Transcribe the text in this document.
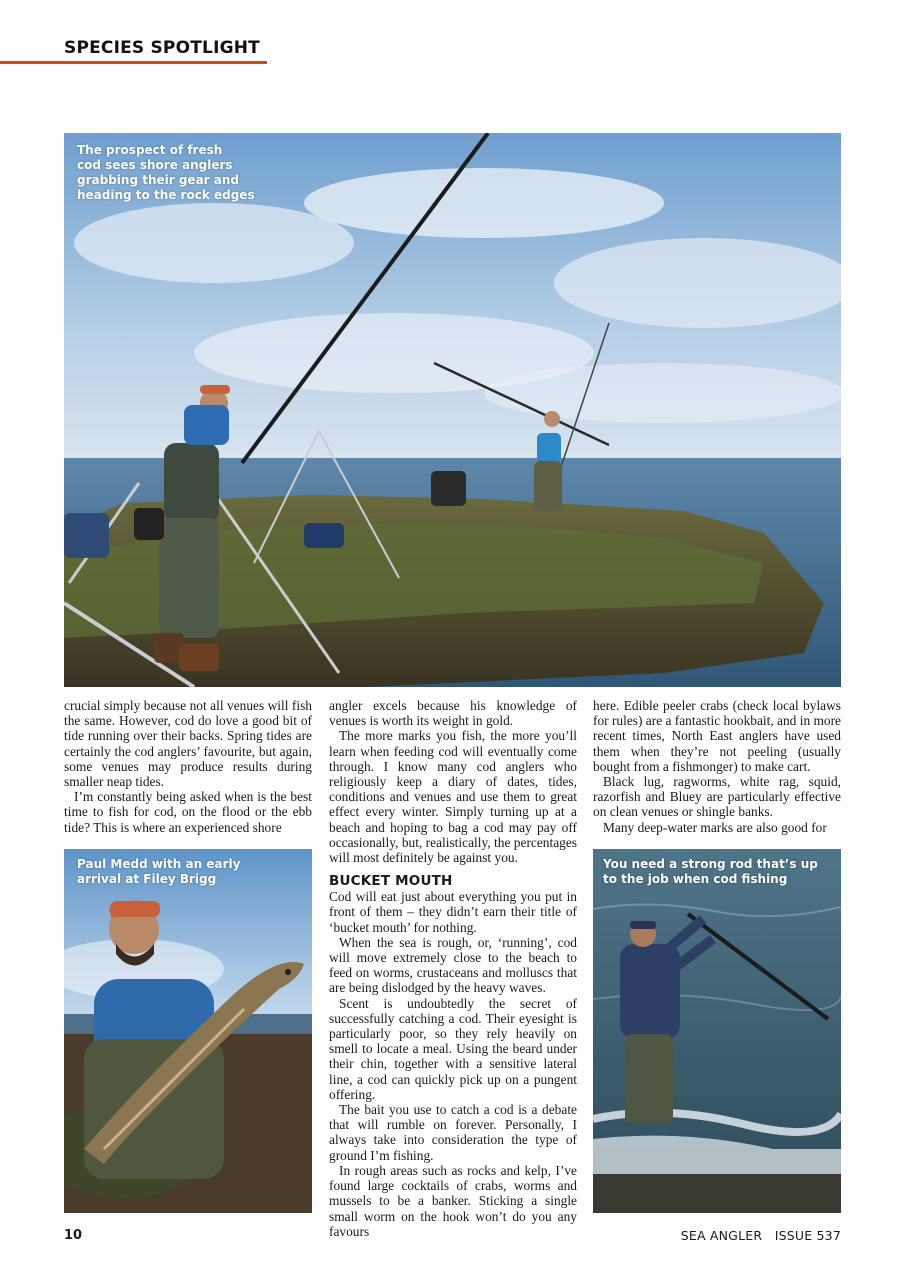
SPECIES SPOTLIGHT
The prospect of fresh
cod sees shore anglers
grabbing their gear and
heading to the rock edges

crucial simply because not all venues will fish the same. However, cod do love a good bit of tide running over their backs. Spring tides are certainly the cod anglers’ favourite, but again, some venues may produce results during smaller neap tides.

I’m constantly being asked when is the best time to fish for cod, on the flood or the ebb tide? This is where an experienced shore

Paul Medd with an early
arrival at Filey Brigg

angler excels because his knowledge of venues is worth its weight in gold.

The more marks you fish, the more you’ll learn when feeding cod will eventually come through. I know many cod anglers who religiously keep a diary of dates, tides, conditions and venues and use them to great effect every winter. Simply turning up at a beach and hoping to bag a cod may pay off occasionally, but, realistically, the percentages will most definitely be against you.

BUCKET MOUTH

Cod will eat just about everything you put in front of them – they didn’t earn their title of ‘bucket mouth’ for nothing.

When the sea is rough, or, ‘running’, cod will move extremely close to the beach to feed on worms, crustaceans and molluscs that are being dislodged by the heavy waves.

Scent is undoubtedly the secret of successfully catching a cod. Their eyesight is particularly poor, so they rely heavily on smell to locate a meal. Using the beard under their chin, together with a sensitive lateral line, a cod can quickly pick up on a pungent offering.

The bait you use to catch a cod is a debate that will rumble on forever. Personally, I always take into consideration the type of ground I’m fishing.

In rough areas such as rocks and kelp, I’ve found large cocktails of crabs, worms and mussels to be a banker. Sticking a single small worm on the hook won’t do you any favours

here. Edible peeler crabs (check local bylaws for rules) are a fantastic hookbait, and in more recent times, North East anglers have used them when they’re not peeling (usually bought from a fishmonger) to make cart.

Black lug, ragworms, white rag, squid, razorfish and Bluey are particularly effective on clean venues or shingle banks.

Many deep-water marks are also good for

You need a strong rod that’s up
to the job when cod fishing
10	SEA ANGLER ISSUE 537
